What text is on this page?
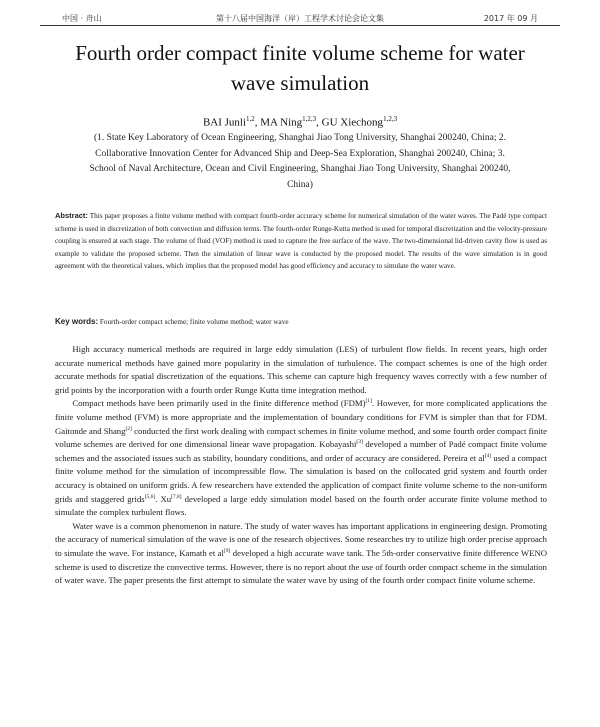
中国 · 舟山	第十八届中国海洋（岸）工程学术讨论会论文集	2017 年 09 月
Fourth order compact finite volume scheme for water
wave simulation
BAI Junli$^{1,2}$, MA Ning$^{1,2,3}$, GU Xiechong$^{1,2,3}$
(1. State Key Laboratory of Ocean Engineering, Shanghai Jiao Tong University, Shanghai 200240, China; 2.
Collaborative Innovation Center for Advanced Ship and Deep-Sea Exploration, Shanghai 200240, China; 3.
School of Naval Architecture, Ocean and Civil Engineering, Shanghai Jiao Tong University, Shanghai 200240,
China)
Abstract: This paper proposes a finite volume method with compact fourth-order accuracy scheme for numerical simulation of the water waves. The Padé type compact scheme is used in discretization of both convection and diffusion terms. The fourth-order Runge-Kutta method is used for temporal discretization and the velocity-pressure coupling is ensured at each stage. The volume of fluid (VOF) method is used to capture the free surface of the wave. The two-dimensional lid-driven cavity flow is used as example to validate the proposed scheme. Then the simulation of linear wave is conducted by the proposed model. The results of the wave simulation is in good agreement with the theoretical values, which implies that the proposed model has good efficiency and accuracy to simulate the water wave.
Key words: Fourth-order compact scheme; finite volume method; water wave

High accuracy numerical methods are required in large eddy simulation (LES) of turbulent flow fields. In recent years, high order accurate numerical methods have gained more popularity in the simulation of turbulence. The compact schemes is one of the high order accurate methods for spatial discretization of the equations. This scheme can capture high frequency waves correctly with a few number of grid points by the incorporation with a fourth order Runge Kutta time integration method.

Compact methods have been primarily used in the finite difference method (FDM)[1]. However, for more complicated applications the finite volume method (FVM) is more appropriate and the implementation of boundary conditions for FVM is simpler than that for FDM. Gaitonde and Shang[2] conducted the first work dealing with compact schemes in finite volume method, and some fourth order compact finite volume schemes are derived for one dimensional linear wave propagation. Kobayashi[3] developed a number of Padé compact finite volume schemes and the associated issues such as stability, boundary conditions, and order of accuracy are considered. Pereira et al[4] used a compact finite volume method for the simulation of incompressible flow. The simulation is based on the collocated grid system and fourth order accuracy is obtained on uniform grids. A few researchers have extended the application of compact finite volume scheme to the non-uniform grids and staggered grids[5,6]. Xu[7,8] developed a large eddy simulation model based on the fourth order accurate finite volume method to simulate the complex turbulent flows.

Water wave is a common phenomenon in nature. The study of water waves has important applications in engineering design. Promoting the accuracy of numerical simulation of the wave is one of the research objectives. Some researches try to utilize high order precise approach to simulate the wave. For instance, Kamath et al[9] developed a high accurate wave tank. The 5th-order conservative finite difference WENO scheme is used to discretize the convective terms. However, there is no report about the use of fourth order compact scheme in the simulation of water wave. The paper presents the first attempt to simulate the water wave by using of the fourth order compact finite volume scheme.
